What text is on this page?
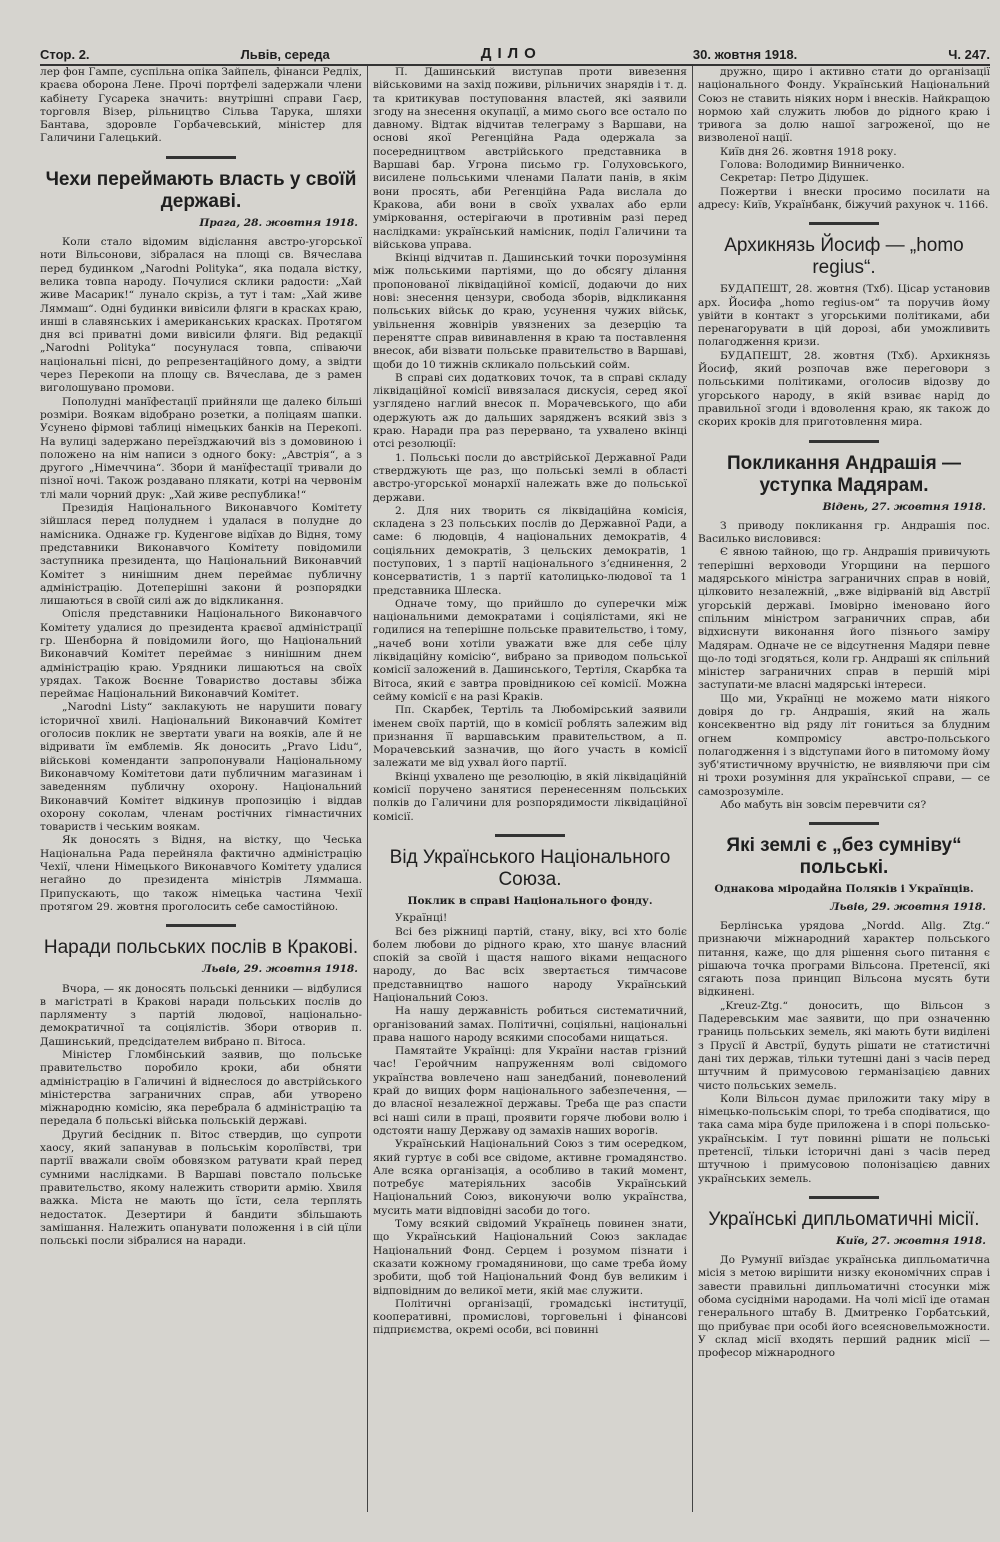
Стор. 2.	Львів, середа	ДІЛО	30. жовтня 1918.	Ч. 247.

лер фон Гампе, суспільна опіка Зайпель, фінанси Редліх, краєва оборона Лене. Прочі портфелі задержали члени кабінету Гусарека значить: внутрішні справи Гаєр, торговля Візер, рільництво Сільва Тарука, шляхи Бантава, здоровле Горбачевський, міністер для Галичини Галецький.

Чехи переймають власть у своїй державі.
Прага, 28. жовтня 1918.

Коли стало відомим відіслання австро-угорської ноти Вільсонови, зібралася на площі св. Вячеслава перед будинком „Narodni Polityka“, яка подала вістку, велика товпа народу. Почулися склики радости: „Хай живе Масарик!“ лунало скрізь, а тут і там: „Хай живе Ляммаш“. Одні будинки вивісили фляги в красках краю, инші в славянських і американських красках. Протягом дня всі приватні доми вивісили фляги. Від редакції „Narodni Polityka“ посунулася товпа, співаючи національні пісні, до репрезентаційного дому, а звідти через Перекопи на площу св. Вячеслава, де з рамен виголошувано промови.

Пополудні манїфестації прийняли ще далеко більші розміри. Воякам відобрано розетки, а поліцаям шапки. Усунено фірмові таблиці німецьких банків на Перекопі. На вулиці задержано переїзджаючий віз з домовиною і положено на нім написи з одного боку: „Австрія“, а з другого „Німеччина“. Збори й манїфестації тривали до пізної ночі. Також роздавано плякати, котрі на червонім тлі мали чорний друк: „Хай живе республика!“

Президія Національного Виконавчого Комітету зійшлася перед полуднем і удалася в полудне до намісника. Однаже гр. Куденгове відїхав до Відня, тому представники Виконавчого Комітету повідомили заступника президента, що Національний Виконавчий Комітет з нинішним днем переймає публичну адміністрацію. Дотеперішні закони й розпорядки лишаються в своїй силі аж до відкликання.

Опісля представники Національного Виконавчого Комітету удалися до президента краєвої адміністрації гр. Шенборна й повідомили його, що Національний Виконавчий Комітет переймає з нинішним днем адміністрацію краю. Урядники лишаються на своїх урядах. Також Воєнне Товариство доставы збіжа переймає Національний Виконавчий Комітет.

„Narodni Listy“ заклакують не нарушити повагу історичної хвилі. Національний Виконавчий Комітет оголосив поклик не звертати уваги на вояків, але й не відривати їм емблемів. Як доносить „Pravo Lidu“, військові коменданти запропонували Національному Виконавчому Комітетови дати публичним магазинам і заведенням публичну охорону. Національний Виконавчий Комітет відкинув пропозицію і віддав охорону соколам, членам ростічниx гімнастичних товариств і чеським воякам.

Як доносять з Відня, на вістку, що Чеська Національна Рада перейняла фактично адміністрацію Чехії, члени Німецького Виконавчого Комітету удалися негайно до президента міністрів Ляммаша. Припускають, що також німецька частина Чехії протягом 29. жовтня проголосить себе самостійною.

Наради польських послів в Кракові.
Львів, 29. жовтня 1918.

Вчора, — як доносять польські денники — відбулися в магістраті в Кракові наради польських послів до парляменту з партій людової, національно-демократичної та соціялістів. Збори отворив п. Дашинський, предсідателем вибрано п. Вітоса.

Міністер Гломбінський заявив, що польське правительство поробило кроки, аби обняти адміністрацію в Галичині й віднеслося до австрійського міністерства заграничних справ, аби утворено міжнародню комісію, яка перебрала б адміністрацію та передала б польські війська польській державі.

Другий бесідник п. Вітос ствердив, що супроти хаосу, який запанував в польськім королївстві, три партії вважали своїм обовязком ратувати край перед сумними наслідками. В Варшаві повстало польське правительство, якому належить створити армію. Хвиля важка. Міста не мають що їсти, села терплять недостаток. Дезертири й бандити збільшають замішання. Належить опанувати положення і в сій цїли польські посли зібралися на наради.

П. Дашинський виступав проти вивезення військовими на захід поживи, рільничих знарядів і т. д. та критикував поступовання властей, які заявили згоду на знесення окупації, а мимо сього все остало по давному. Відтак відчитав телеграму з Варшави, на основі якої Регенційна Рада одержала за посередництвом австрійського представника в Варшаві бар. Угрона письмо гр. Голуховського, висилене польськими членами Палати панів, в якім вони просять, аби Регенційна Рада вислала до Кракова, аби вони в своїх ухвалах або ерли умірковання, остерігаючи в противнім разі перед наслідками: український намісник, поділ Галичини та військова управа.

Вкінці відчитав п. Дашинський точки порозуміння між польськими партіями, що до обсягу ділання пропонованої ліквідаційної комісії, додаючи до них нові: знесення цензури, свобода зборів, відкликання польських військ до краю, усунення чужих військ, увільнення жовнірів увязнених за дезерцію та перенятте справ вивинавлення в краю та поставлення внесок, аби візвати польське правительство в Варшаві, щоби до 10 тижнів скликало польський сойм.

В справі сих додаткових точок, та в справі складу ліквідаційної комісії вивязалася дискусія, серед якої узглядено наглий внесок п. Морачевського, що аби одержують аж до дальших зарядженъ всякий звіз з краю. Наради пра раз перервано, та ухвалено вкінці отсі резолюції:

1. Польські посли до австрійської Державної Ради стверджують ще раз, що польські землі в області австро-угорської монархії належать вже до польської держави.

2. Для них творить ся ліквідаційна комісія, складена з 23 польських послів до Державної Ради, а саме: 6 людовців, 4 національних демократів, 4 соціяльних демократів, 3 цельских демократів, 1 поступових, 1 з партії національного зʼєднинення, 2 консерватистів, 1 з партії католицько-людової та 1 представника Шлеска.

Одначе тому, що прийшло до суперечки між національними демократами і соціялістами, які не годилися на теперішне польське правительство, і тому, „начеб вони хотіли уважати вже для себе цілу ліквідаційну комісію“, вибрано за приводом польської комісії заложений в. Дашинського, Тертіля, Скарбка та Вітоса, який є завтра провідникою сеї комісії. Можна сейму комісії є на разі Краків.

Пп. Скарбек, Тертіль та Любомірський заявили іменем своїх партій, що в комісії роблять залежим від признання її варшавським правительством, а п. Морачевський зазначив, що його участь в комісії залежати ме від ухвал його партії.

Вкінці ухвалено ще резолюцію, в якій ліквідаційній комісії поручено занятися перенесенням польських полків до Галичини для розпорядимости ліквідаційної комісії.

Від Українського Національного Союза.
Поклик в справі Національного фонду.

Українці!

Всі без ріжниці партій, стану, віку, всі хто боліє болем любови до рідного краю, хто шанує власний спокій за своїй і щастя нашого віками нещасного народу, до Вас всіх звертається тимчасове представництво нашого народу Український Національний Союз.

На нашу державність робиться систематичний, організований замах. Політичні, соціяльні, національні права нашого народу всякими способами нищаться.

Памятайте Українці: для України настав грізний час! Геройчним напруженням волі свідомого українства вовлечено наш занедбаний, поневолений край до вищих форм національного забезпечення, — до власної незалежної державы. Треба ще раз спасти всі наші сили в праці, проявити горяче любови волю і одстояти нашу Державу од замахів наших ворогів.

Український Національний Союз з тим осередком, який гуртує в собі все свідоме, активне громадянство. Але всяка організація, а особливо в такий момент, потребує матеріяльних засобів Український Національний Союз, виконуючи волю українства, мусить мати відповідні засоби до того.

Тому всякий свідомий Українець повинен знати, що Український Національний Союз закладає Національний Фонд. Серцем і розумом пізнати і сказати кожному громадянинови, що саме треба йому зробити, щоб той Національний Фонд був великим і відповідним до великої мети, якій має служити.

Політичні організації, громадські інституції, кооперативні, промислові, торговельні і фінансові підприємства, окремі особи, всі повинні

дружно, щиро і активно стати до організації національного Фонду. Український Національний Союз не ставить ніяких норм і внесків. Найкращою нормою хай служить любов до рідного краю і тривога за долю нашої загроженої, що не визволеної нації.

Київ дня 26. жовтня 1918 року.

Голова: Володимир Винниченко.

Секретар: Петро Дідушек.

Пожертви і внески просимо посилати на адресу: Київ, Українбанк, біжучий рахунок ч. 1166.

Архикнязь Йосиф — „homo regius“.

БУДАПЕШТ, 28. жовтня (Тхб). Цісар установив арх. Йосифа „homo regius-ом“ та поручив йому увійти в контакт з угорськими політиками, аби перенагорувати в цій дорозі, аби уможливить полагодження кризи.

БУДАПЕШТ, 28. жовтня (Тхб). Архикнязь Йосиф, який розпочав вже переговори з польськими політиками, оголосив відозву до угорського народу, в якій взиває нарід до правильної згоди і вдоволення краю, як також до скорих кроків для приготовлення мира.

Покликання Андрашія — уступка Мадярам.
Відень, 27. жовтня 1918.

З приводу покликання гр. Андрашія пос. Василько висловився:

Є явною тайною, що гр. Андрашія привичують теперішні верховоди Угорщини на першого мадярського міністра заграничних справ в новій, цілковито незалежній, „вже відірваній від Австрії угорській державі. Імовірно іменовано його спільним міністром заграничних справ, аби відхиснути виконання його пізнього заміру Мадярам. Одначе не се відсутнення Мадяри певне що-ло тоді згодяться, коли гр. Андраші як спільний міністер заграничних справ в першій мірі заступати-ме власні мадярські інтереси.

Що ми, Українці не можемо мати ніякого довіря до гр. Андрашія, який на жаль консеквентно від ряду літ гониться за блудним огнем компромісу австро-польського полагодження і з відступами його в питомому йому зуб'ятистичному вручністю, не виявляючи при сім ні трохи розуміння для української справи, — се самозрозуміле.

Або мабуть він зовсім перевчити ся?

Які землі є „без сумніву“ польські.
Однакова міродайна Поляків і Українців.
Львів, 29. жовтня 1918.

Берлінська урядова „Nordd. Allg. Ztg.“ признаючи міжнародний характер польського питання, каже, що для рішення сього питання є рішаюча точка програми Вільсона. Претенсії, які сягають поза принцип Вільсона мусять бути відкинені.

„Kreuz-Ztg.“ доносить, що Вільсон з Падеревським має заявити, що при означенню границь польських земель, які мають бути виділені з Прусії й Австрії, будуть рішати не статистичні дані тих держав, тільки тутешні дані з часів перед штучним й примусовою германізацією давних чисто польських земель.

Коли Вільсон думає приложити таку міру в німецько-польськім спорі, то треба сподіватися, що така сама міра буде приложена і в спорі польсько-українськім. І тут повинні рішати не польські претенсії, тільки історичні дані з часів перед штучною і примусовою полонізацією давних українських земель.

Українські дипльоматичні місії.
Київ, 27. жовтня 1918.

До Румунії виїздає українська дипльоматична місія з метою вирішити низку економічних справ і завести правильні дипльоматичні стосунки між обома сусідніми народами. На чолі місії іде отаман генерального штабу В. Дмитренко Горбатський, що прибуває при особі його всеясновельможности. У склад місії входять перший радник місії — професор міжнародного
